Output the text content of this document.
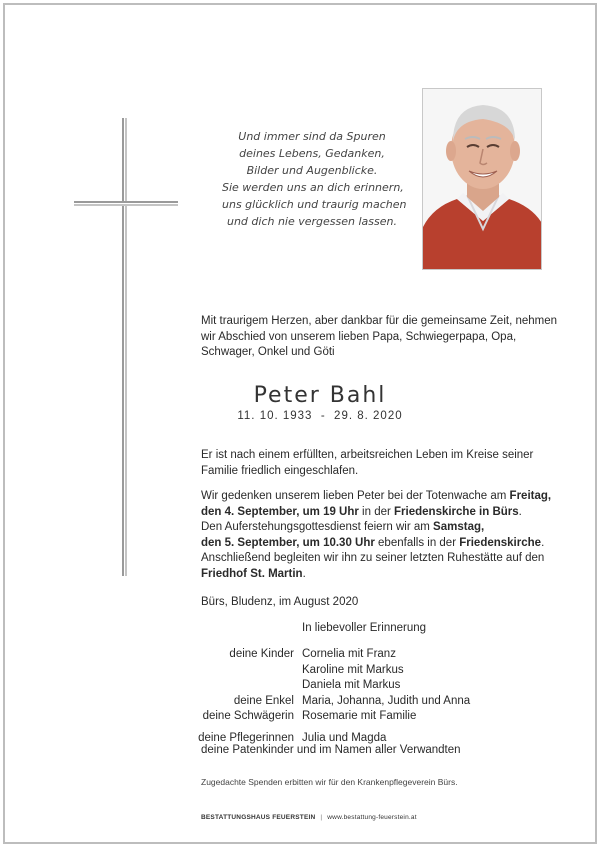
Und immer sind da Spuren
deines Lebens, Gedanken,
Bilder und Augenblicke.
Sie werden uns an dich erinnern,
uns glücklich und traurig machen
und dich nie vergessen lassen.
Mit traurigem Herzen, aber dankbar für die gemeinsame Zeit, nehmen
wir Abschied von unserem lieben Papa, Schwiegerpapa, Opa,
Schwager, Onkel und Göti
Peter Bahl
11. 10. 1933  -  29. 8. 2020
Er ist nach einem erfüllten, arbeitsreichen Leben im Kreise seiner
Familie friedlich eingeschlafen.
Wir gedenken unserem lieben Peter bei der Totenwache am Freitag,
den 4. September, um 19 Uhr in der Friedenskirche in Bürs.
Den Auferstehungsgottesdienst feiern wir am Samstag,
den 5. September, um 10.30 Uhr ebenfalls in der Friedenskirche.
Anschließend begleiten wir ihn zu seiner letzten Ruhestätte auf den
Friedhof St. Martin.
Bürs, Bludenz, im August 2020
In liebevoller Erinnerung
deine Kinder Cornelia mit Franz
Karoline mit Markus
Daniela mit Markus
deine Enkel Maria, Johanna, Judith und Anna
deine Schwägerin Rosemarie mit Familie
deine Pflegerinnen Julia und Magda
deine Patenkinder und im Namen aller Verwandten
Zugedachte Spenden erbitten wir für den Krankenpflegeverein Bürs.
BESTATTUNGSHAUS FEUERSTEIN | www.bestattung-feuerstein.at
